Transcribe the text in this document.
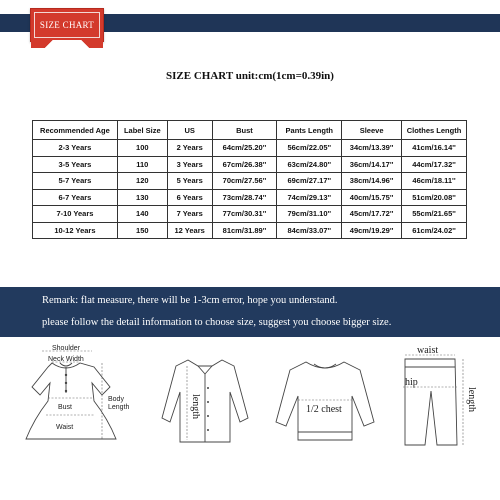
SIZE CHART
SIZE CHART unit:cm(1cm=0.39in)
Recommended Age	Label Size	US	Bust	Pants Length	Sleeve	Clothes Length
2-3 Years	100	2 Years	64cm/25.20''	56cm/22.05''	34cm/13.39''	41cm/16.14''
3-5 Years	110	3 Years	67cm/26.38''	63cm/24.80''	36cm/14.17''	44cm/17.32''
5-7 Years	120	5 Years	70cm/27.56''	69cm/27.17''	38cm/14.96''	46cm/18.11''
6-7 Years	130	6 Years	73cm/28.74''	74cm/29.13''	40cm/15.75''	51cm/20.08''
7-10 Years	140	7 Years	77cm/30.31''	79cm/31.10''	45cm/17.72''	55cm/21.65''
10-12 Years	150	12 Years	81cm/31.89''	84cm/33.07''	49cm/19.29''	61cm/24.02''
Remark: flat measure, there will be 1-3cm error, hope you understand.
please follow the detail information to choose size, suggest you choose bigger size.
Shoulder
Neck Width
Bust
Waist
Body
Length	length	1/2 chest
waist
hip
length
